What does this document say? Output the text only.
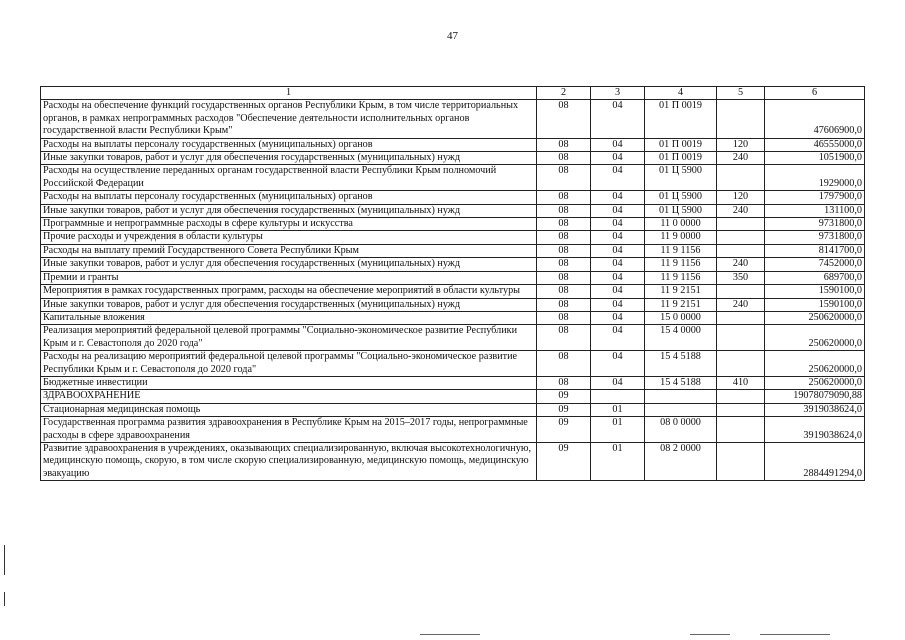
47
1	2	3	4	5	6
Расходы на обеспечение функций государственных органов Республики Крым, в том числе территориальных органов, в рамках непрограммных расходов "Обеспечение деятельности исполнительных органов государственной власти Республики Крым"	08	04	01 П 0019		47606900,0
Расходы на выплаты персоналу государственных (муниципальных) органов	08	04	01 П 0019	120	46555000,0
Иные закупки товаров, работ и услуг для обеспечения государственных (муниципальных) нужд	08	04	01 П 0019	240	1051900,0
Расходы на осуществление переданных органам государственной власти Республики Крым полномочий Российской Федерации	08	04	01 Ц 5900		1929000,0
Расходы на выплаты персоналу государственных (муниципальных) органов	08	04	01 Ц 5900	120	1797900,0
Иные закупки товаров, работ и услуг для обеспечения государственных (муниципальных) нужд	08	04	01 Ц 5900	240	131100,0
Программные и непрограммные расходы в сфере культуры и искусства	08	04	11 0 0000		9731800,0
Прочие расходы и учреждения в области культуры	08	04	11 9 0000		9731800,0
Расходы на выплату премий Государственного Совета Республики Крым	08	04	11 9 1156		8141700,0
Иные закупки товаров, работ и услуг для обеспечения государственных (муниципальных) нужд	08	04	11 9 1156	240	7452000,0
Премии и гранты	08	04	11 9 1156	350	689700,0
Мероприятия в рамках государственных программ, расходы на обеспечение мероприятий в области культуры	08	04	11 9 2151		1590100,0
Иные закупки товаров, работ и услуг для обеспечения государственных (муниципальных) нужд	08	04	11 9 2151	240	1590100,0
Капитальные вложения	08	04	15 0 0000		250620000,0
Реализация мероприятий федеральной целевой программы "Социально-экономическое развитие Республики Крым и г. Севастополя до 2020 года"	08	04	15 4 0000		250620000,0
Расходы на реализацию мероприятий федеральной целевой программы "Социально-экономическое развитие Республики Крым и г. Севастополя до 2020 года"	08	04	15 4 5188		250620000,0
Бюджетные инвестиции	08	04	15 4 5188	410	250620000,0
ЗДРАВООХРАНЕНИЕ	09				19078079090,88
Стационарная медицинская помощь	09	01			3919038624,0
Государственная программа развития здравоохранения в Республике Крым на 2015–2017 годы, непрограммные расходы в сфере здравоохранения	09	01	08 0 0000		3919038624,0
Развитие здравоохранения в учреждениях, оказывающих специализированную, включая высокотехнологичную, медицинскую помощь, скорую, в том числе скорую специализированную, медицинскую помощь, медицинскую эвакуацию	09	01	08 2 0000		2884491294,0
